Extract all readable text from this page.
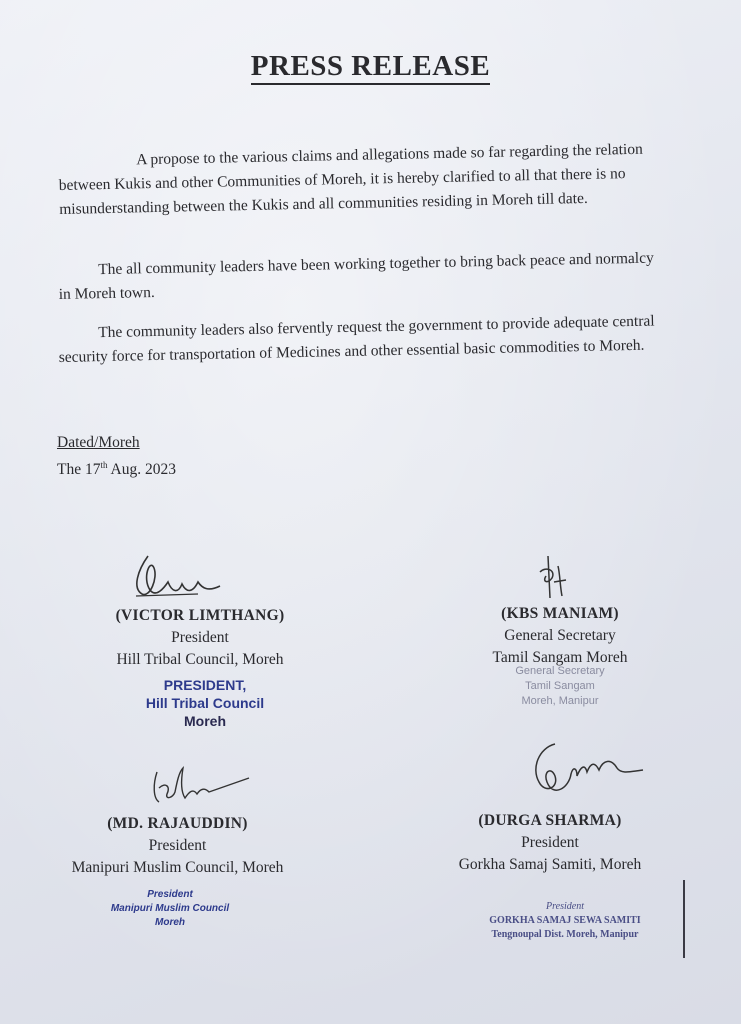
PRESS RELEASE
A propose to the various claims and allegations made so far regarding the relation between Kukis and other Communities of Moreh, it is hereby clarified to all that there is no misunderstanding between the Kukis and all communities residing in Moreh till date.
The all community leaders have been working together to bring back peace and normalcy in Moreh town.
The community leaders also fervently request the government to provide adequate central security force for transportation of Medicines and other essential basic commodities to Moreh.
Dated/Moreh
The 17th Aug. 2023
(VICTOR LIMTHANG)
President
Hill Tribal Council, Moreh
PRESIDENT,
Hill Tribal Council
Moreh
(KBS MANIAM)
General Secretary
Tamil Sangam Moreh
General Secretary
Tamil Sangam
Moreh, Manipur
(MD. RAJAUDDIN)
President
Manipuri Muslim Council, Moreh
President
Manipuri Muslim Council
Moreh
(DURGA SHARMA)
President
Gorkha Samaj Samiti, Moreh
President
GORKHA SAMAJ SEWA SAMITI
Tengnoupal Dist. Moreh, Manipur
